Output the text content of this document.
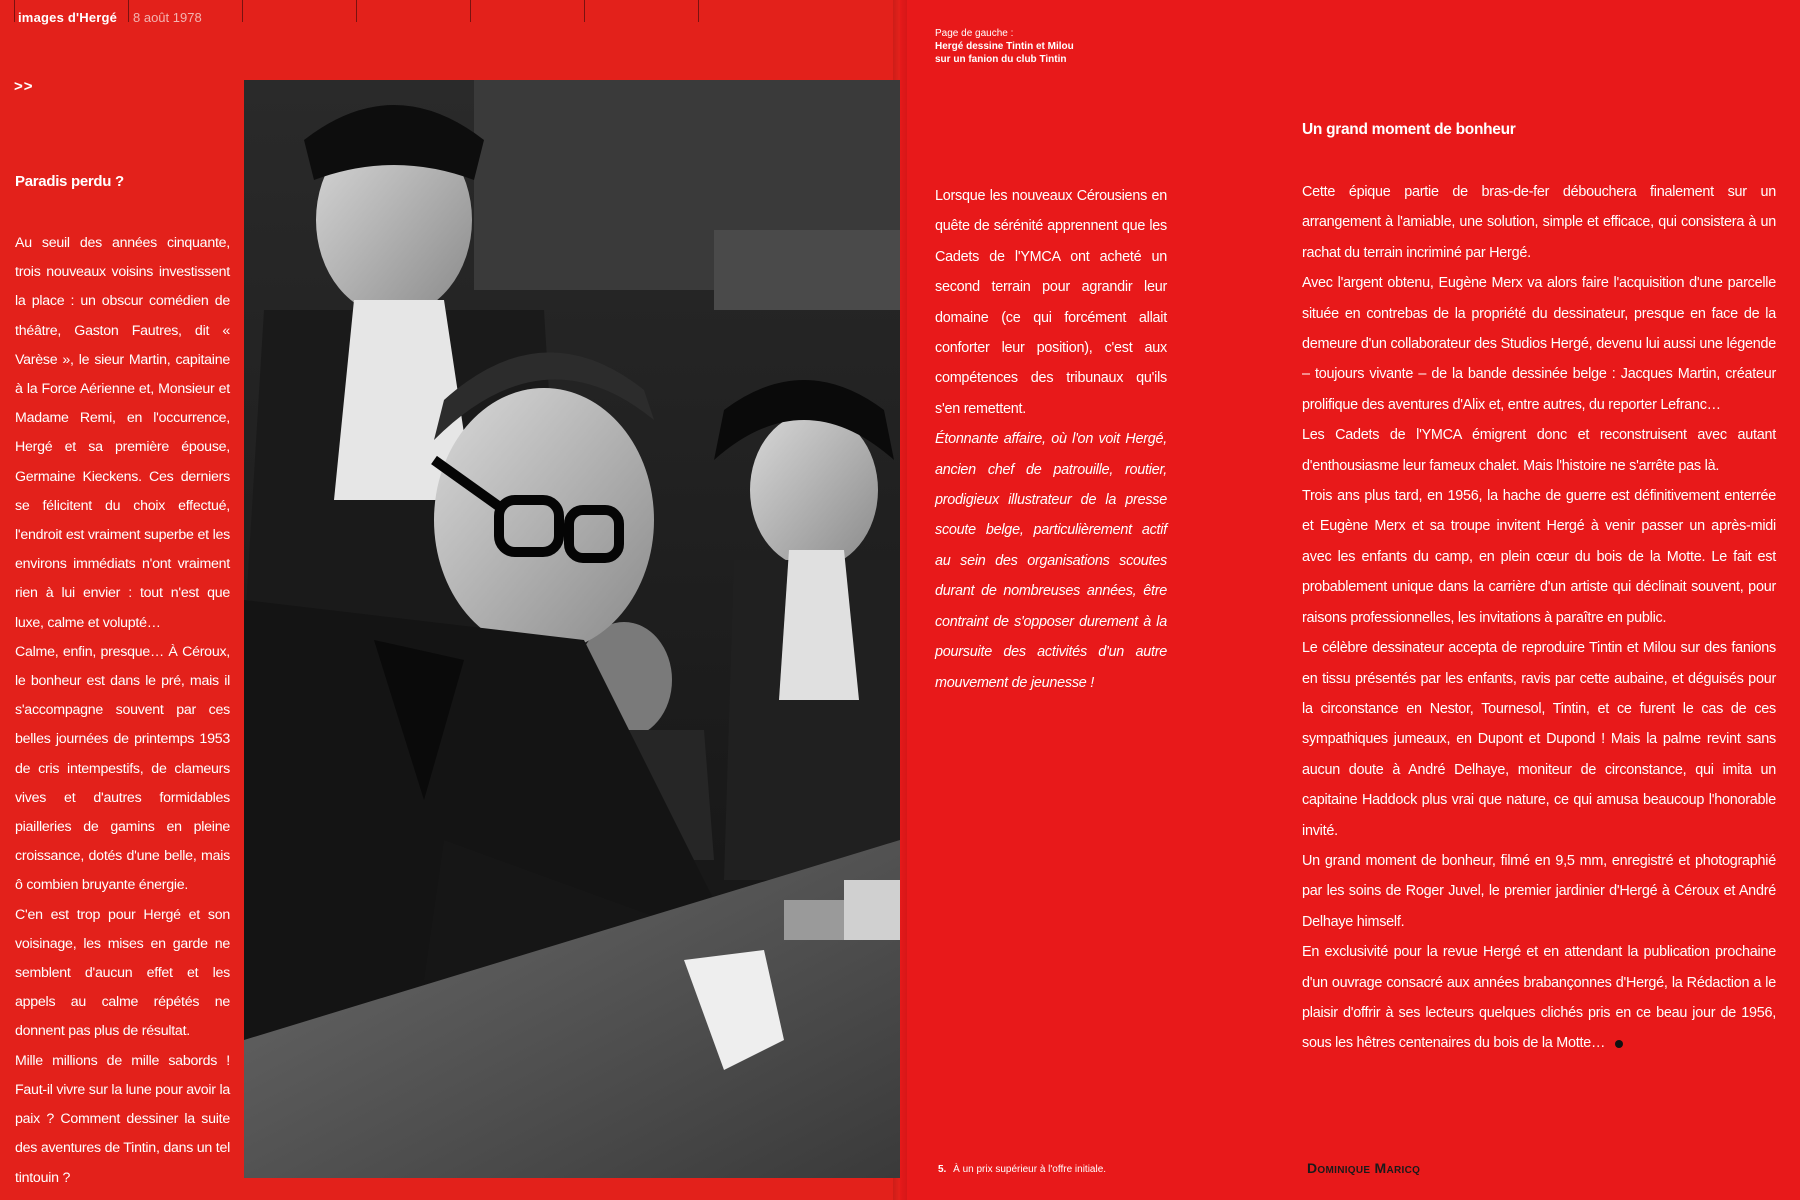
images d'Hergé 8 août 1978
>>
Paradis perdu ?

Au seuil des années cinquante, trois nouveaux voisins investissent la place : un obscur comédien de théâtre, Gaston Fautres, dit « Varèse », le sieur Martin, capitaine à la Force Aérienne et, Monsieur et Madame Remi, en l'occurrence, Hergé et sa première épouse, Germaine Kieckens. Ces derniers se félicitent du choix effectué, l'endroit est vraiment superbe et les environs immédiats n'ont vraiment rien à lui envier : tout n'est que luxe, calme et volupté…

Calme, enfin, presque… À Céroux, le bonheur est dans le pré, mais il s'accompagne souvent par ces belles journées de printemps 1953 de cris intempestifs, de clameurs vives et d'autres formidables piailleries de gamins en pleine croissance, dotés d'une belle, mais ô combien bruyante énergie.

C'en est trop pour Hergé et son voisinage, les mises en garde ne semblent d'aucun effet et les appels au calme répétés ne donnent pas plus de résultat.

Mille millions de mille sabords ! Faut-il vivre sur la lune pour avoir la paix ? Comment dessiner la suite des aventures de Tintin, dans un tel tintouin ?

Page de gauche :
Hergé dessine Tintin et Milou sur un fanion du club Tintin

Lorsque les nouveaux Cérousiens en quête de sérénité apprennent que les Cadets de l'YMCA ont acheté un second terrain pour agrandir leur domaine (ce qui forcément allait conforter leur position), c'est aux compétences des tribunaux qu'ils s'en remettent.

Étonnante affaire, où l'on voit Hergé, ancien chef de patrouille, routier, prodigieux illustrateur de la presse scoute belge, particulièrement actif au sein des organisations scoutes durant de nombreuses années, être contraint de s'opposer durement à la poursuite des activités d'un autre mouvement de jeunesse !

Un grand moment de bonheur

Cette épique partie de bras-de-fer débouchera finalement sur un arrangement à l'amiable, une solution, simple et efficace, qui consistera à un rachat du terrain incriminé par Hergé.

Avec l'argent obtenu, Eugène Merx va alors faire l'acquisition d'une parcelle située en contrebas de la propriété du dessinateur, presque en face de la demeure d'un collaborateur des Studios Hergé, devenu lui aussi une légende – toujours vivante – de la bande dessinée belge : Jacques Martin, créateur prolifique des aventures d'Alix et, entre autres, du reporter Lefranc…

Les Cadets de l'YMCA émigrent donc et reconstruisent avec autant d'enthousiasme leur fameux chalet. Mais l'histoire ne s'arrête pas là.

Trois ans plus tard, en 1956, la hache de guerre est définitivement enterrée et Eugène Merx et sa troupe invitent Hergé à venir passer un après-midi avec les enfants du camp, en plein cœur du bois de la Motte. Le fait est probablement unique dans la carrière d'un artiste qui déclinait souvent, pour raisons professionnelles, les invitations à paraître en public.

Le célèbre dessinateur accepta de reproduire Tintin et Milou sur des fanions en tissu présentés par les enfants, ravis par cette aubaine, et déguisés pour la circonstance en Nestor, Tournesol, Tintin, et ce furent le cas de ces sympathiques jumeaux, en Dupont et Dupond ! Mais la palme revint sans aucun doute à André Delhaye, moniteur de circonstance, qui imita un capitaine Haddock plus vrai que nature, ce qui amusa beaucoup l'honorable invité.

Un grand moment de bonheur, filmé en 9,5 mm, enregistré et photographié par les soins de Roger Juvel, le premier jardinier d'Hergé à Céroux et André Delhaye himself.

En exclusivité pour la revue Hergé et en attendant la publication prochaine d'un ouvrage consacré aux années brabançonnes d'Hergé, la Rédaction a le plaisir d'offrir à ses lecteurs quelques clichés pris en ce beau jour de 1956, sous les hêtres centenaires du bois de la Motte…

5. À un prix supérieur à l'offre initiale.	Dominique Maricq
